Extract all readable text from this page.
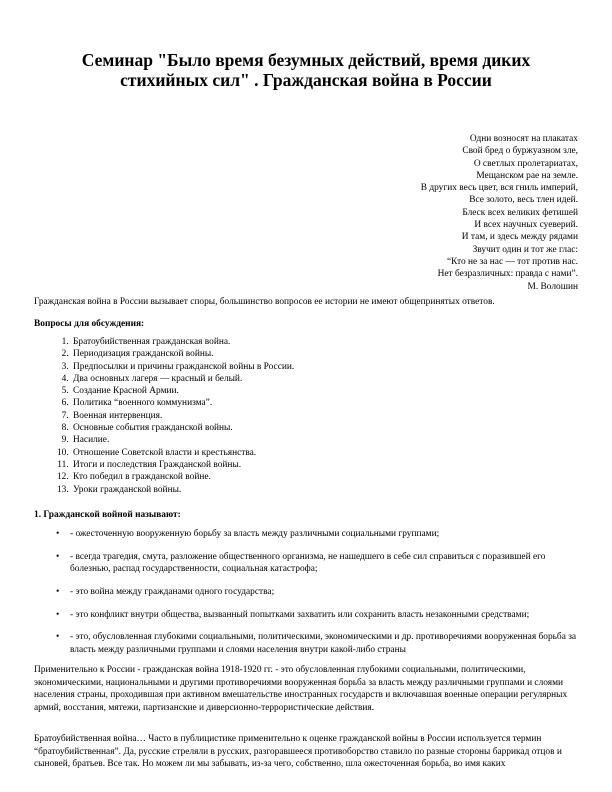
Семинар "Было время безумных действий, время диких стихийных сил" . Гражданская война в России
Одни возносят на плакатах
Свой бред о буржуазном зле,
О светлых пролетариатах,
Мещанском рае на земле.
В других весь цвет, вся гниль империй,
Все золото, весь тлен идей.
Блеск всех великих фетишей
И всех научных суеверий.
И там, и здесь между рядами
Звучит один и тот же глас:
“Кто не за нас — тот против нас.
Нет безразличных: правда с нами”.
М. Волошин

Гражданская война в России вызывает споры, большинство вопросов ее истории не имеют общепринятых ответов.

Вопросы для обсуждения:

1. Братоубийственная гражданская война.
2. Периодизация гражданской войны.
3. Предпосылки и причины гражданской войны в России.
4. Два основных лагеря — красный и белый.
5. Создание Красной Армии.
6. Политика “военного коммунизма”.
7. Военная интервенция.
8. Основные события гражданской войны.
9. Насилие.
10. Отношение Советской власти и крестьянства.
11. Итоги и последствия Гражданской войны.
12. Кто победил в гражданской войне.
13. Уроки гражданской войны.

1. Гражданской войной называют:

• - ожесточенную вооруженную борьбу за власть между различными социальными группами;
• - всегда трагедия, смута, разложение общественного организма, не нашедшего в себе сил справиться с поразившей его болезнью, распад государственности, социальная катастрофа;
• - это война между гражданами одного государства;
• - это конфликт внутри общества, вызванный попытками захватить или сохранить власть незаконными средствами;
• - это, обусловленная глубокими социальными, политическими, экономическими и др. противоречиями вооруженная борьба за власть между различными группами и слоями населения внутри какой-либо страны

Применительно к России - гражданская война 1918-1920 гг. - это обусловленная глубокими социальными, политическими, экономическими, национальными и другими противоречиями вооруженная борьба за власть между различными группами и слоями населения страны, проходившая при активном вмешательстве иностранных государств и включавшая военные операции регулярных армий, восстания, мятежи, партизанские и диверсионно-террористические действия.

Братоубийственная война… Часто в публицистике применительно к оценке гражданской войны в России используется термин “братоубийственная”. Да, русские стреляли в русских, разгоравшееся противоборство ставило по разные стороны баррикад отцов и сыновей, братьев. Все так. Но можем ли мы забывать, из-за чего, собственно, шла ожесточенная борьба, во имя каких
